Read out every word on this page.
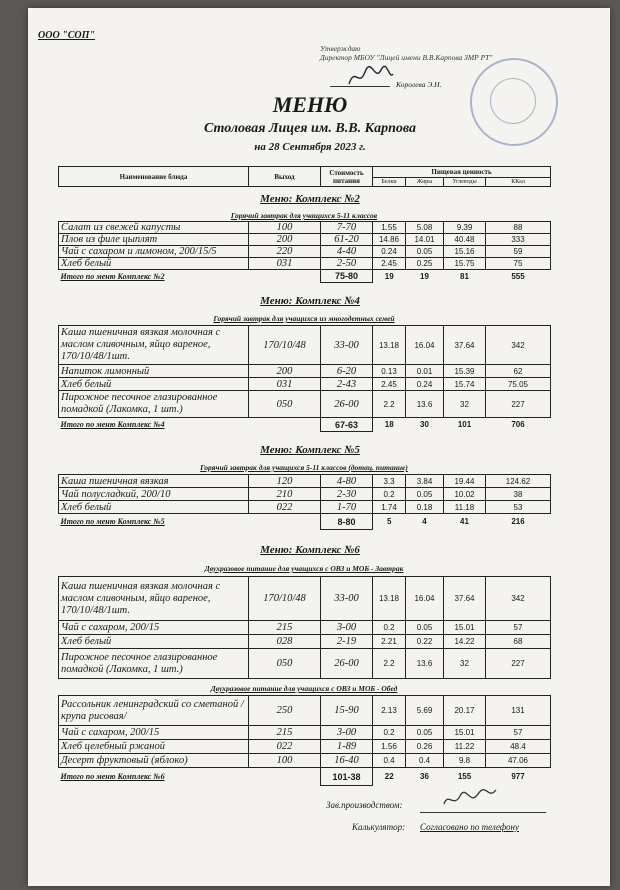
ООО "СОП"
Утверждаю
Директор МБОУ "Лицей имени В.В.Карпова ЗМР РТ"
Королева Э.Н.
МЕНЮ
Столовая Лицея им. В.В. Карпова
на 28 Сентября 2023 г.
Наименование блюда	Выход	Стоимость питания	Пищевая ценность			
			Белки	Жиры	Углеводы	ККал
Меню: Комплекс №2
Горячий завтрак для учащихся 5-11 классов
Салат из свежей капусты	100	7-70	1.55	5.08	9.39	88
Плов из филе цыплят	200	61-20	14.86	14.01	40.48	333
Чай с сахаром и лимоном, 200/15/5	220	4-40	0.24	0.05	15.16	59
Хлеб белый	031	2-50	2.45	0.25	15.75	75
Итого по меню Комплекс №2		75-80	19	19	81	555
Меню: Комплекс №4
Горячий завтрак для учащихся из многодетных семей
Каша пшеничная вязкая молочная с маслом сливочным, яйцо вареное, 170/10/48/1шт.	170/10/48	33-00	13.18	16.04	37.64	342
Напиток лимонный	200	6-20	0.13	0.01	15.39	62
Хлеб белый	031	2-43	2.45	0.24	15.74	75.05
Пирожное песочное глазированное помадкой (Лакомка, 1 шт.)	050	26-00	2.2	13.6	32	227
Итого по меню Комплекс №4		67-63	18	30	101	706
Меню: Комплекс №5
Горячий завтрак для учащихся 5-11 классов (дотац. питание)
Каша пшеничная вязкая	120	4-80	3.3	3.84	19.44	124.62
Чай полусладкий, 200/10	210	2-30	0.2	0.05	10.02	38
Хлеб белый	022	1-70	1.74	0.18	11.18	53
Итого по меню Комплекс №5		8-80	5	4	41	216
Меню: Комплекс №6
Двухразовое питание для учащихся с ОВЗ и МОБ - Завтрак
Каша пшеничная вязкая молочная с маслом сливочным, яйцо вареное, 170/10/48/1шт.	170/10/48	33-00	13.18	16.04	37.64	342
Чай с сахаром, 200/15	215	3-00	0.2	0.05	15.01	57
Хлеб белый	028	2-19	2.21	0.22	14.22	68
Пирожное песочное глазированное помадкой (Лакомка, 1 шт.)	050	26-00	2.2	13.6	32	227
Двухразовое питание для учащихся с ОВЗ и МОБ - Обед
Рассольник ленинградский со сметаной /крупа рисовая/	250	15-90	2.13	5.69	20.17	131
Чай с сахаром, 200/15	215	3-00	0.2	0.05	15.01	57
Хлеб целебный ржаной	022	1-89	1.56	0.26	11.22	48.4
Десерт фруктовый (яблоко)	100	16-40	0.4	0.4	9.8	47.06
Итого по меню Комплекс №6		101-38	22	36	155	977
Зав.производством:
Калькулятор: Согласовано по телефону
